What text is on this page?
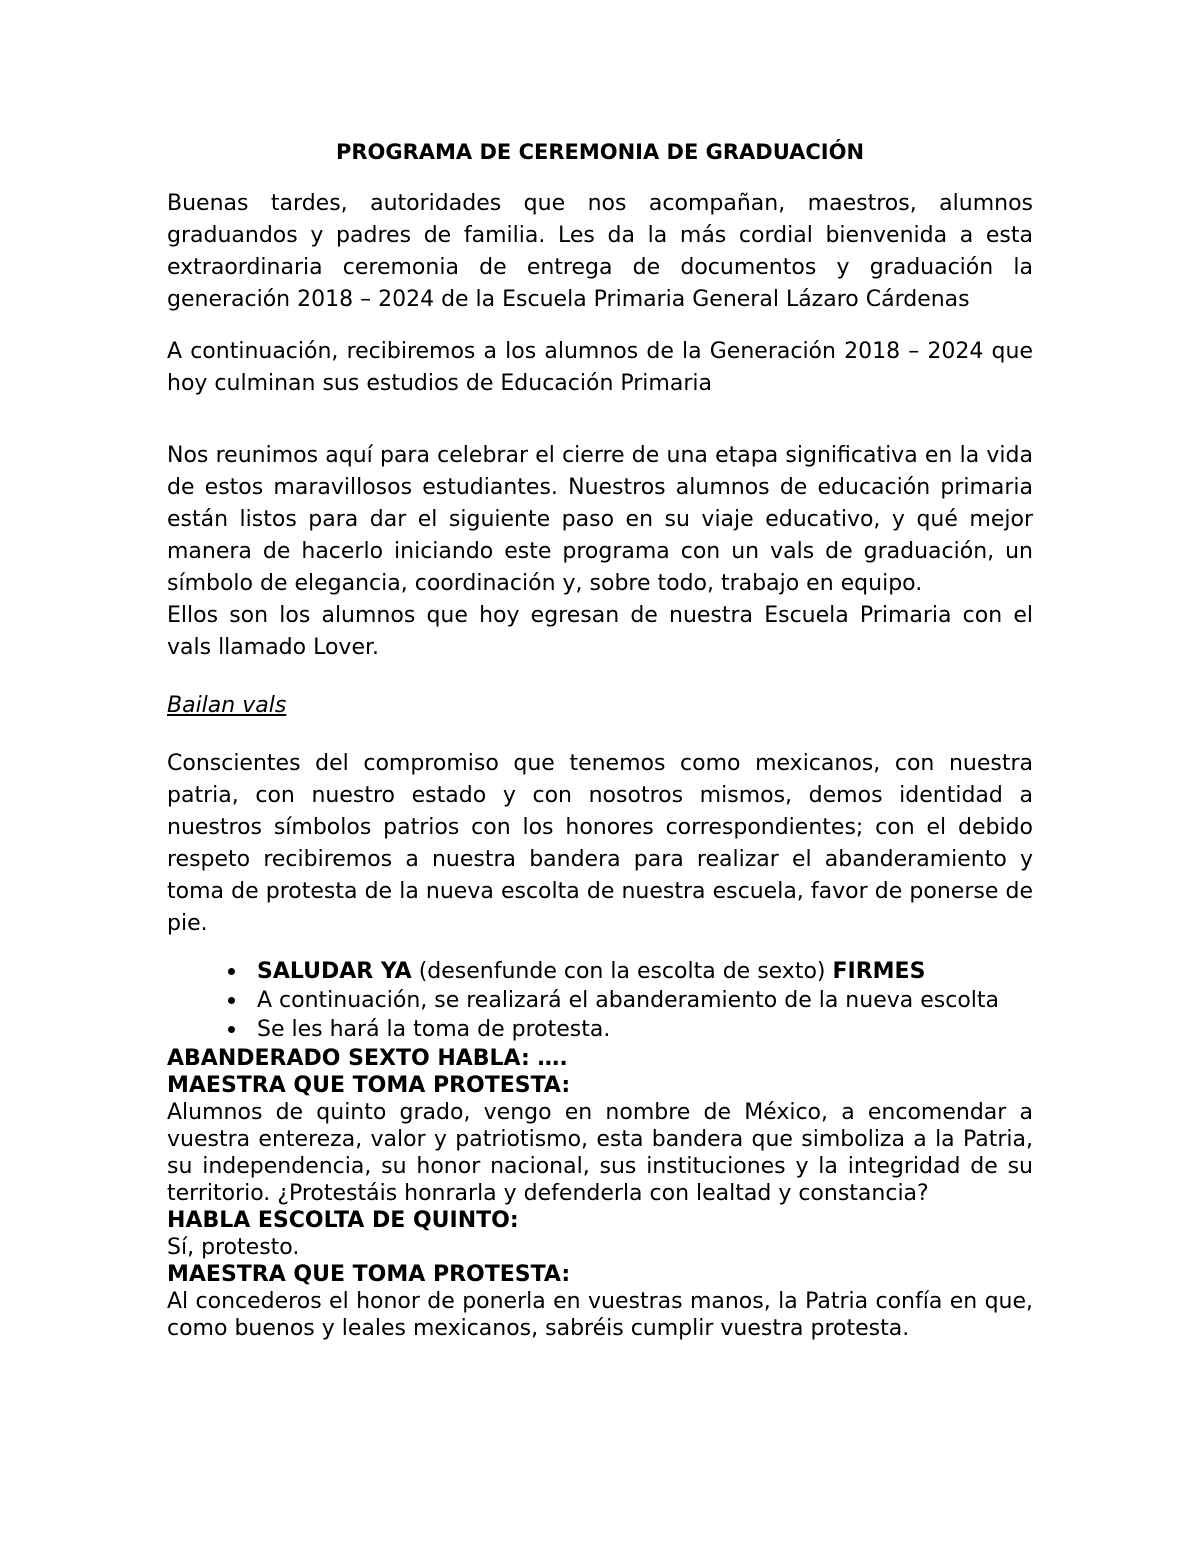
PROGRAMA DE CEREMONIA DE GRADUACIÓN

Buenas tardes, autoridades que nos acompañan, maestros, alumnos graduandos y padres de familia. Les da la más cordial bienvenida a esta extraordinaria ceremonia de entrega de documentos y graduación la generación 2018 – 2024 de la Escuela Primaria General Lázaro Cárdenas

A continuación, recibiremos a los alumnos de la Generación 2018 – 2024 que hoy culminan sus estudios de Educación Primaria

Nos reunimos aquí para celebrar el cierre de una etapa significativa en la vida de estos maravillosos estudiantes. Nuestros alumnos de educación primaria están listos para dar el siguiente paso en su viaje educativo, y qué mejor manera de hacerlo iniciando este programa con un vals de graduación, un símbolo de elegancia, coordinación y, sobre todo, trabajo en equipo.

Ellos son los alumnos que hoy egresan de nuestra Escuela Primaria con el vals llamado Lover.

Bailan vals

Conscientes del compromiso que tenemos como mexicanos, con nuestra patria, con nuestro estado y con nosotros mismos, demos identidad a nuestros símbolos patrios con los honores correspondientes; con el debido respeto recibiremos a nuestra bandera para realizar el abanderamiento y toma de protesta de la nueva escolta de nuestra escuela, favor de ponerse de pie.

SALUDAR YA (desenfunde con la escolta de sexto) FIRMES
A continuación, se realizará el abanderamiento de la nueva escolta
Se les hará la toma de protesta.

ABANDERADO SEXTO HABLA: ….

MAESTRA QUE TOMA PROTESTA:

Alumnos de quinto grado, vengo en nombre de México, a encomendar a vuestra entereza, valor y patriotismo, esta bandera que simboliza a la Patria, su independencia, su honor nacional, sus instituciones y la integridad de su territorio. ¿Protestáis honrarla y defenderla con lealtad y constancia?

HABLA ESCOLTA DE QUINTO:

Sí, protesto.

MAESTRA QUE TOMA PROTESTA:

Al concederos el honor de ponerla en vuestras manos, la Patria confía en que, como buenos y leales mexicanos, sabréis cumplir vuestra protesta.
